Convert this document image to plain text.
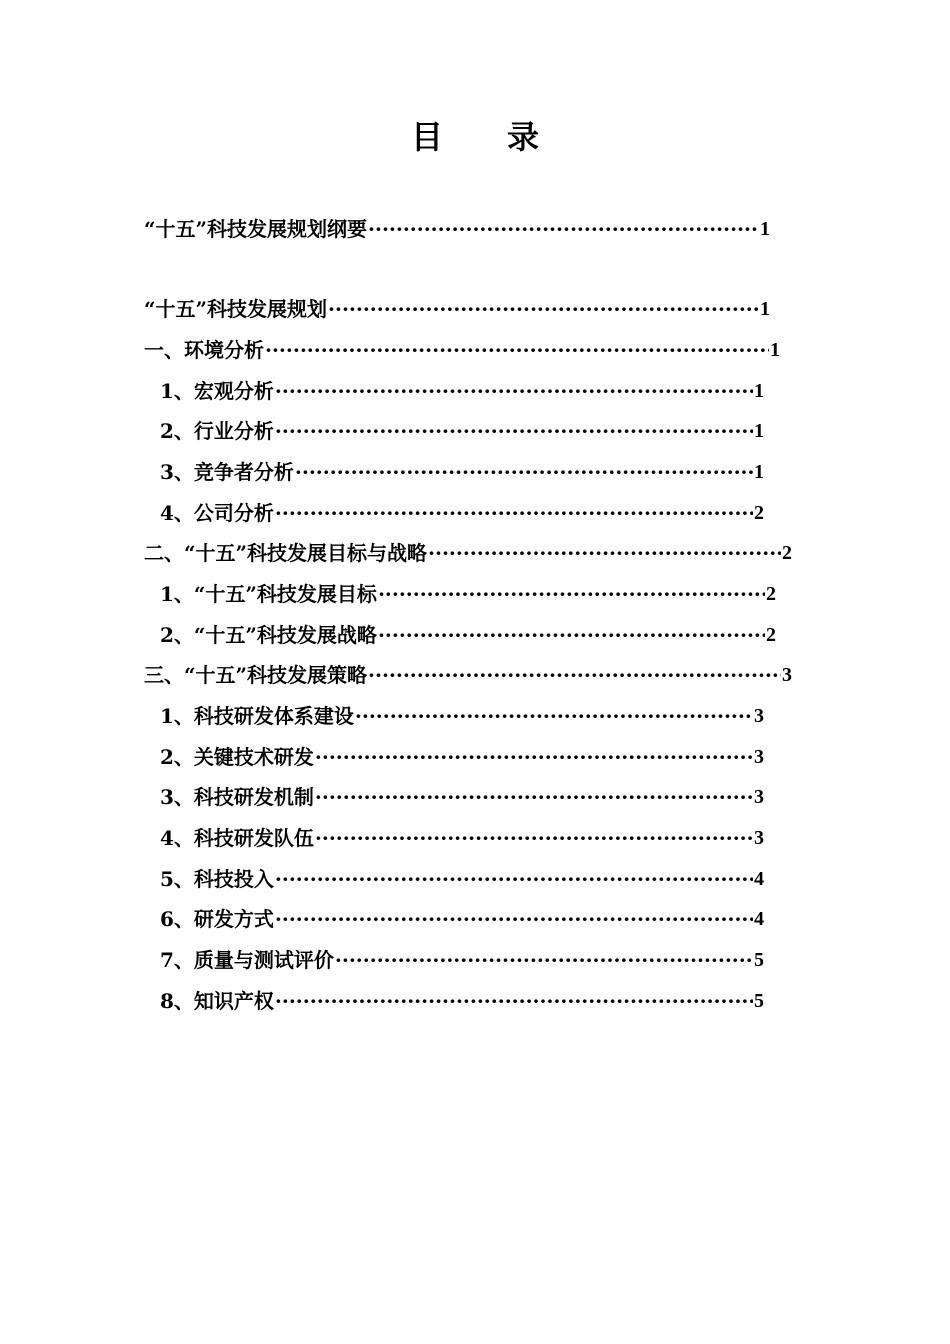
目 录
“十五”科技发展规划纲要 ·····	1
“十五”科技发展规划 ·····	1
一、环境分析 ·····	1
1、宏观分析 ·····	1
2、行业分析 ·····	1
3、竞争者分析 ·····	1
4、公司分析 ·····	2
二、“十五”科技发展目标与战略 ·····	2
1、“十五”科技发展目标 ·····	2
2、“十五”科技发展战略 ·····	2
三、“十五”科技发展策略 ·····	3
1、科技研发体系建设 ·····	3
2、关键技术研发 ·····	3
3、科技研发机制 ·····	3
4、科技研发队伍 ·····	3
5、科技投入 ·····	4
6、研发方式 ·····	4
7、质量与测试评价 ·····	5
8、知识产权 ·····	5
